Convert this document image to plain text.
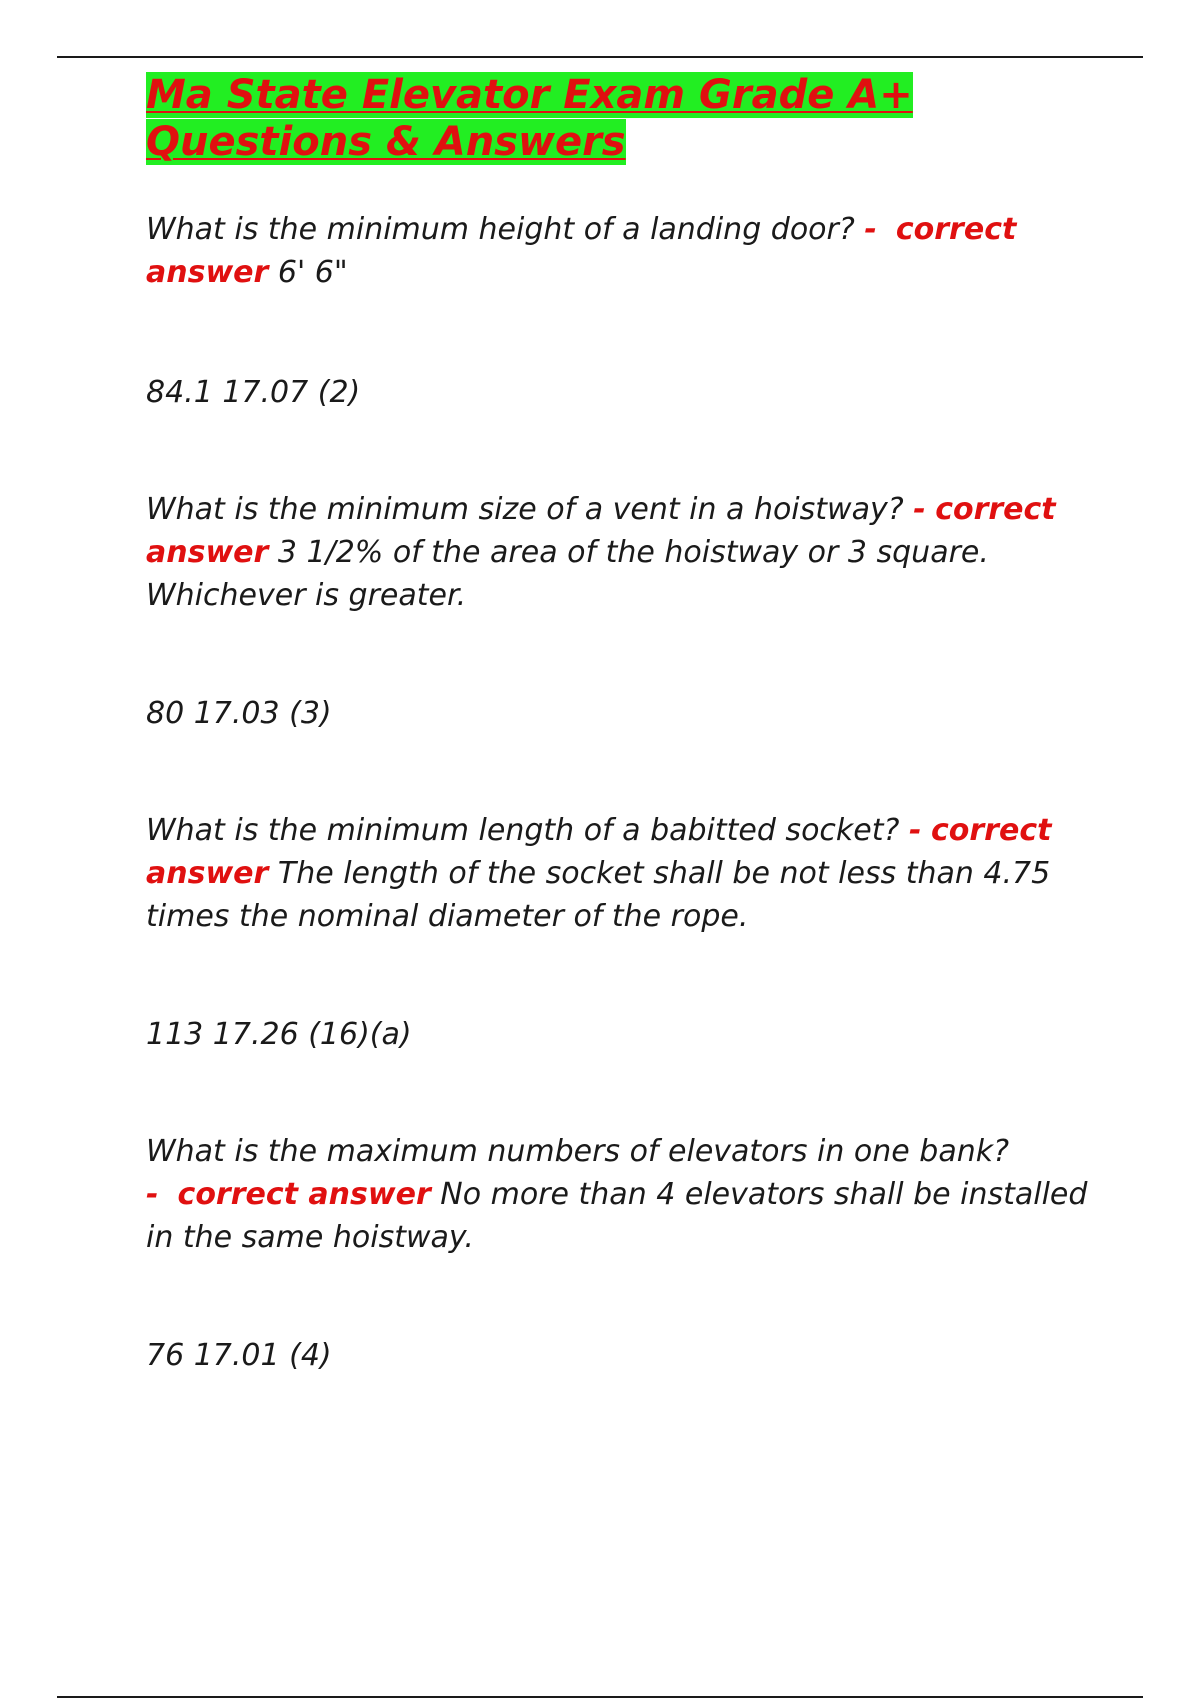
Ma State Elevator Exam Grade A+
Questions & Answers

What is the minimum height of a landing door? - correct answer 6' 6"

84.1 17.07 (2)

What is the minimum size of a vent in a hoistway? - correct answer 3 1/2% of the area of the hoistway or 3 square. Whichever is greater.

80 17.03 (3)

What is the minimum length of a babitted socket? - correct answer The length of the socket shall be not less than 4.75 times the nominal diameter of the rope.

113 17.26 (16)(a)

What is the maximum numbers of elevators in one bank?
- correct answer No more than 4 elevators shall be installed in the same hoistway.

76 17.01 (4)
